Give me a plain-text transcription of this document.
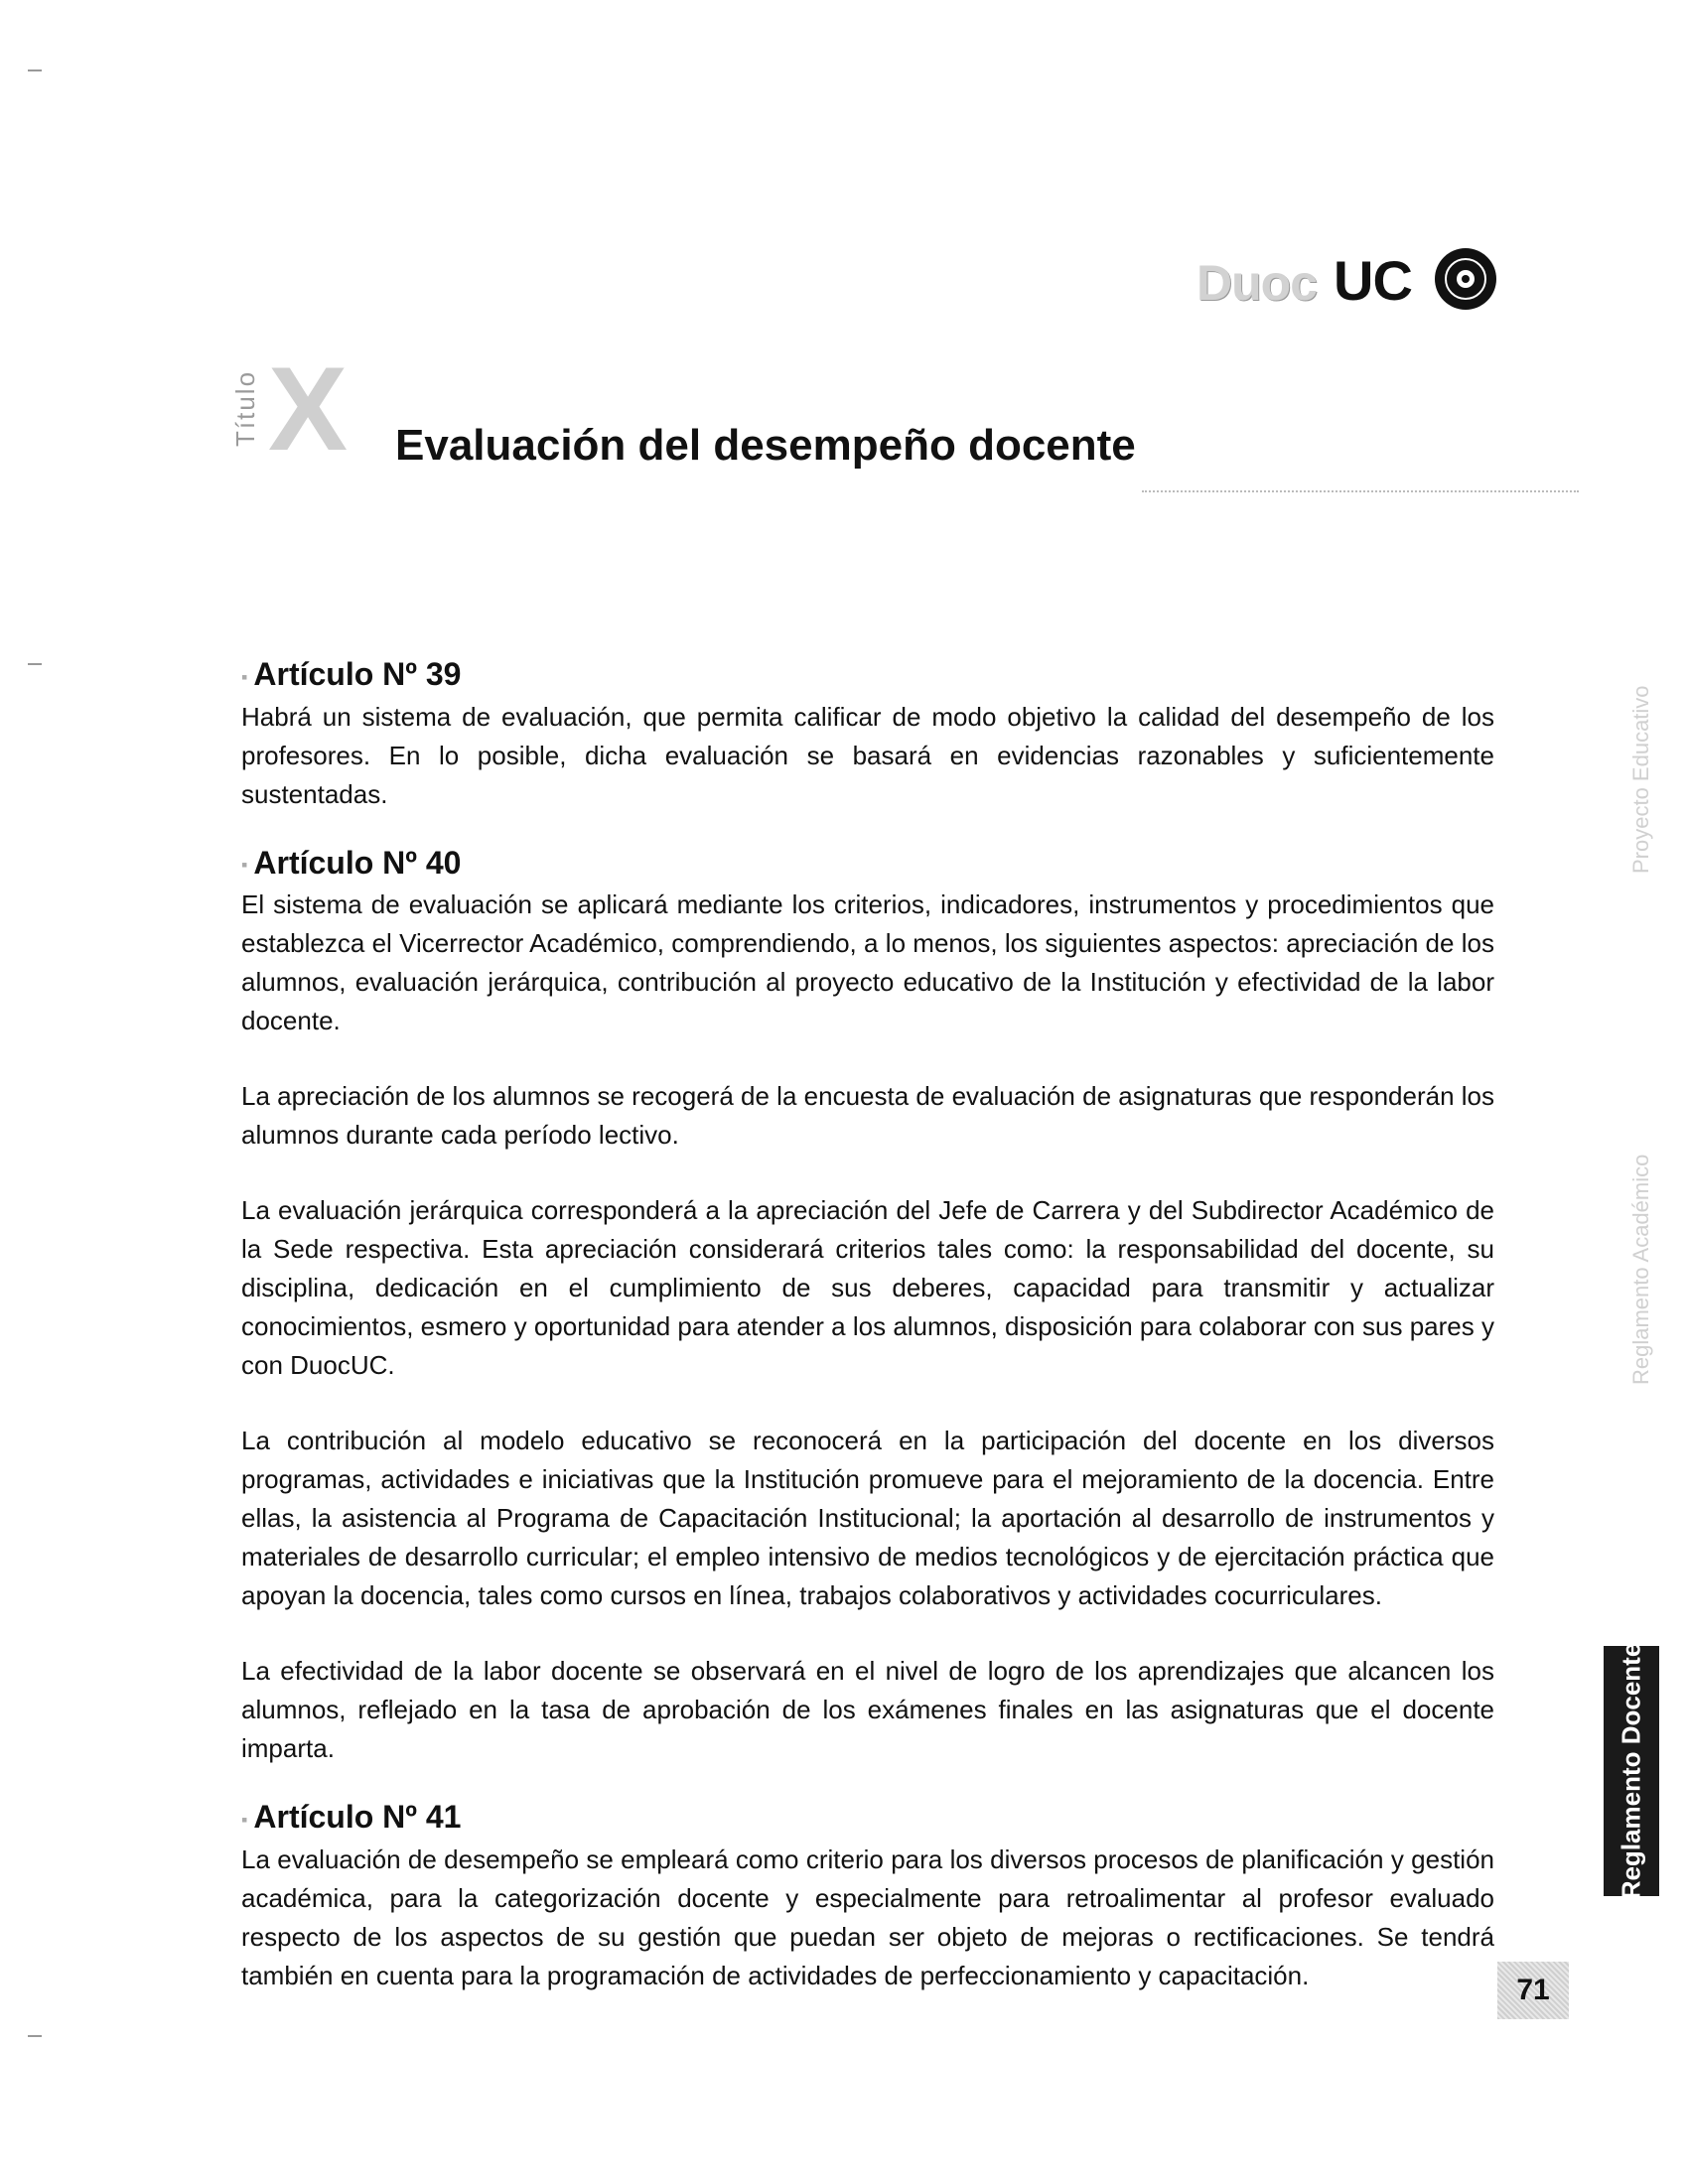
Duoc UC
Título X Evaluación del desempeño docente
▪ Artículo Nº 39

Habrá un sistema de evaluación, que permita calificar de modo objetivo la calidad del desempeño de los profesores. En lo posible, dicha evaluación se basará en evidencias razonables y suficientemente sustentadas.

▪ Artículo Nº 40

El sistema de evaluación se aplicará mediante los criterios, indicadores, instrumentos y procedimientos que establezca el Vicerrector Académico, comprendiendo, a lo menos, los siguientes aspectos: apreciación de los alumnos, evaluación jerárquica, contribución al proyecto educativo de la Institución y efectividad de la labor docente.

La apreciación de los alumnos se recogerá de la encuesta de evaluación de asignaturas que responderán los alumnos durante cada período lectivo.

La evaluación jerárquica corresponderá a la apreciación del Jefe de Carrera y del Subdirector Académico de la Sede respectiva. Esta apreciación considerará criterios tales como: la responsabilidad del docente, su disciplina, dedicación en el cumplimiento de sus deberes, capacidad para transmitir y actualizar conocimientos, esmero y oportunidad para atender a los alumnos, disposición para colaborar con sus pares y con DuocUC.

La contribución al modelo educativo se reconocerá en la participación del docente en los diversos programas, actividades e iniciativas que la Institución promueve para el mejoramiento de la docencia. Entre ellas, la asistencia al Programa de Capacitación Institucional; la aportación al desarrollo de instrumentos y materiales de desarrollo curricular; el empleo intensivo de medios tecnológicos y de ejercitación práctica que apoyan la docencia, tales como cursos en línea, trabajos colaborativos y actividades cocurriculares.

La efectividad de la labor docente se observará en el nivel de logro de los aprendizajes que alcancen los alumnos, reflejado en la tasa de aprobación de los exámenes finales en las asignaturas que el docente imparta.

▪ Artículo Nº 41

La evaluación de desempeño se empleará como criterio para los diversos procesos de planificación y gestión académica, para la categorización docente y especialmente para retroalimentar al profesor evaluado respecto de los aspectos de su gestión que puedan ser objeto de mejoras o rectificaciones. Se tendrá también en cuenta para la programación de actividades de perfeccionamiento y capacitación.

Proyecto Educativo
Reglamento Académico
Reglamento Docente
71
